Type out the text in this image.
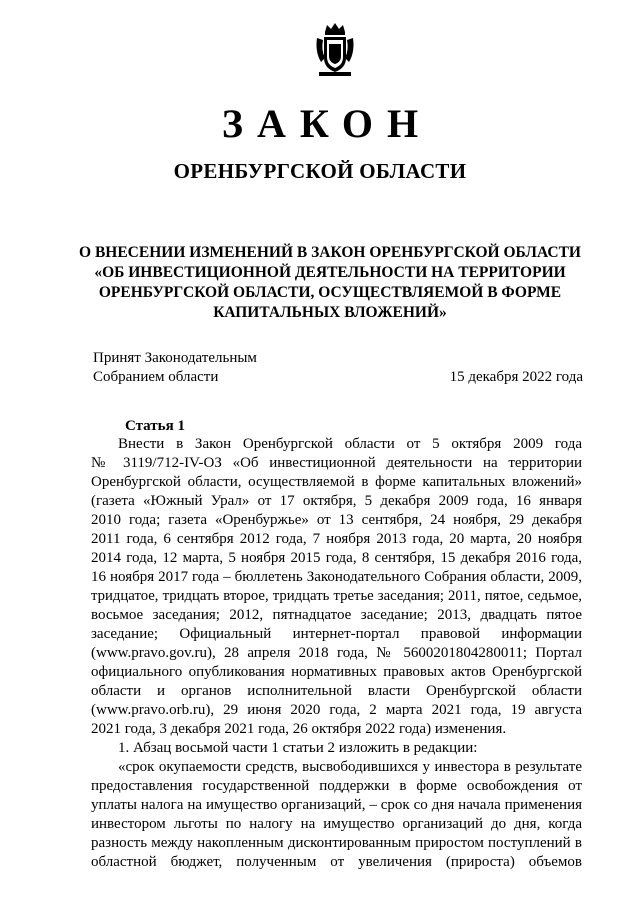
ЗАКОН
ОРЕНБУРГСКОЙ ОБЛАСТИ
О ВНЕСЕНИИ ИЗМЕНЕНИЙ В ЗАКОН ОРЕНБУРГСКОЙ ОБЛАСТИ
«ОБ ИНВЕСТИЦИОННОЙ ДЕЯТЕЛЬНОСТИ НА ТЕРРИТОРИИ
ОРЕНБУРГСКОЙ ОБЛАСТИ, ОСУЩЕСТВЛЯЕМОЙ В ФОРМЕ
КАПИТАЛЬНЫХ ВЛОЖЕНИЙ»
Принят Законодательным
Собранием области	15 декабря 2022 года
Статья 1
Внести в Закон Оренбургской области от 5 октября 2009 года
№ 3119/712-IV-ОЗ «Об инвестиционной деятельности на территории
Оренбургской области, осуществляемой в форме капитальных вложений»
(газета «Южный Урал» от 17 октября, 5 декабря 2009 года, 16 января
2010 года; газета «Оренбуржье» от 13 сентября, 24 ноября, 29 декабря
2011 года, 6 сентября 2012 года, 7 ноября 2013 года, 20 марта, 20 ноября
2014 года, 12 марта, 5 ноября 2015 года, 8 сентября, 15 декабря 2016 года,
16 ноября 2017 года – бюллетень Законодательного Собрания области, 2009,
тридцатое, тридцать второе, тридцать третье заседания; 2011, пятое, седьмое,
восьмое заседания; 2012, пятнадцатое заседание; 2013, двадцать пятое
заседание; Официальный интернет-портал правовой информации
(www.pravo.gov.ru), 28 апреля 2018 года, № 5600201804280011; Портал
официального опубликования нормативных правовых актов Оренбургской
области и органов исполнительной власти Оренбургской области
(www.pravo.orb.ru), 29 июня 2020 года, 2 марта 2021 года, 19 августа
2021 года, 3 декабря 2021 года, 26 октября 2022 года) изменения.
1. Абзац восьмой части 1 статьи 2 изложить в редакции:
«срок окупаемости средств, высвободившихся у инвестора в результате
предоставления государственной поддержки в форме освобождения от
уплаты налога на имущество организаций, – срок со дня начала применения
инвестором льготы по налогу на имущество организаций до дня, когда
разность между накопленным дисконтированным приростом поступлений в
областной бюджет, полученным от увеличения (прироста) объемов
